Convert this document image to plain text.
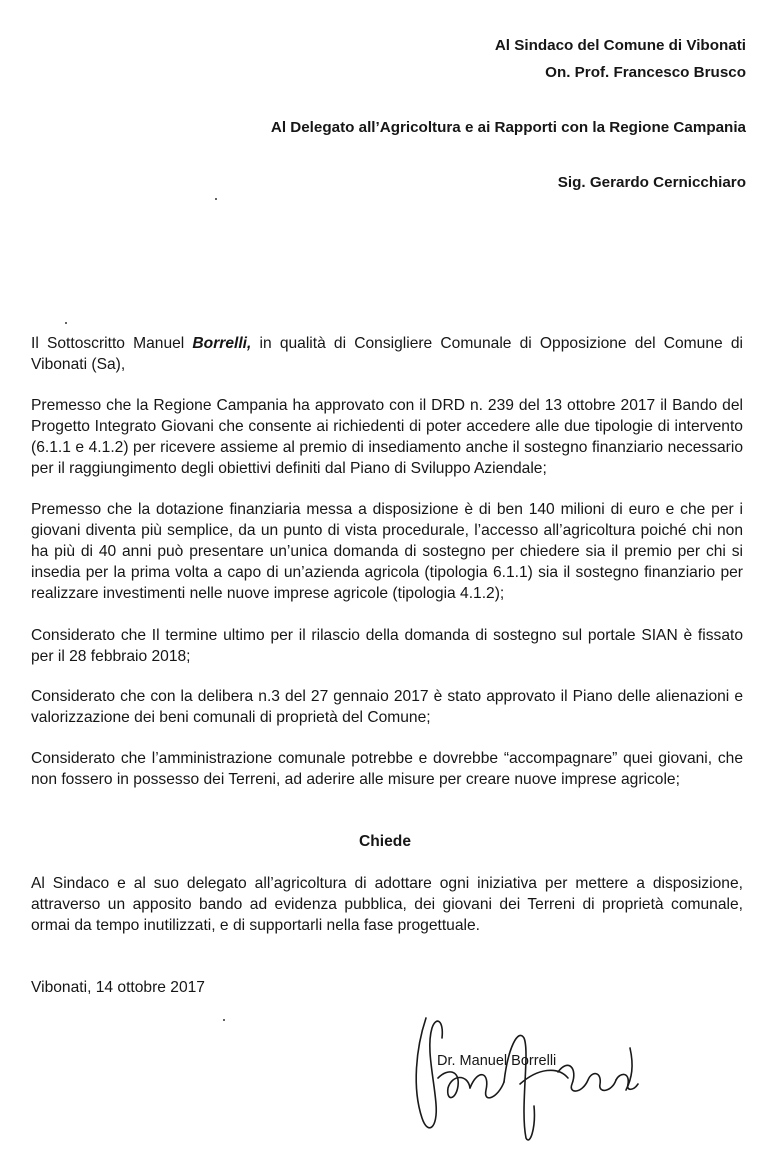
Al Sindaco del Comune di Vibonati
On. Prof. Francesco Brusco
Al Delegato all’Agricoltura e ai Rapporti con la Regione Campania
Sig. Gerardo Cernicchiaro

Il Sottoscritto Manuel Borrelli, in qualità di Consigliere Comunale di Opposizione del Comune di Vibonati (Sa),

Premesso che la Regione Campania ha approvato con il DRD n. 239 del 13 ottobre 2017 il Bando del Progetto Integrato Giovani che consente ai richiedenti di poter accedere alle due tipologie di intervento (6.1.1 e 4.1.2) per ricevere assieme al premio di insediamento anche il sostegno finanziario necessario per il raggiungimento degli obiettivi definiti dal Piano di Sviluppo Aziendale;

Premesso che la dotazione finanziaria messa a disposizione è di ben 140 milioni di euro e che per i giovani diventa più semplice, da un punto di vista procedurale, l’accesso all’agricoltura poiché chi non ha più di 40 anni può presentare un’unica domanda di sostegno per chiedere sia il premio per chi si insedia per la prima volta a capo di un’azienda agricola (tipologia 6.1.1) sia il sostegno finanziario per realizzare investimenti nelle nuove imprese agricole (tipologia 4.1.2);

Considerato che Il termine ultimo per il rilascio della domanda di sostegno sul portale SIAN è fissato per il 28 febbraio 2018;

Considerato che con la delibera n.3 del 27 gennaio 2017 è stato approvato il Piano delle alienazioni e valorizzazione dei beni comunali di proprietà del Comune;

Considerato che l’amministrazione comunale potrebbe e dovrebbe “accompagnare” quei giovani, che non fossero in possesso dei Terreni, ad aderire alle misure per creare nuove imprese agricole;

Chiede

Al Sindaco e al suo delegato all’agricoltura di adottare ogni iniziativa per mettere a disposizione, attraverso un apposito bando ad evidenza pubblica, dei giovani dei Terreni di proprietà comunale, ormai da tempo inutilizzati, e di supportarli nella fase progettuale.

Vibonati, 14 ottobre 2017
Dr. Manuel Borrelli
